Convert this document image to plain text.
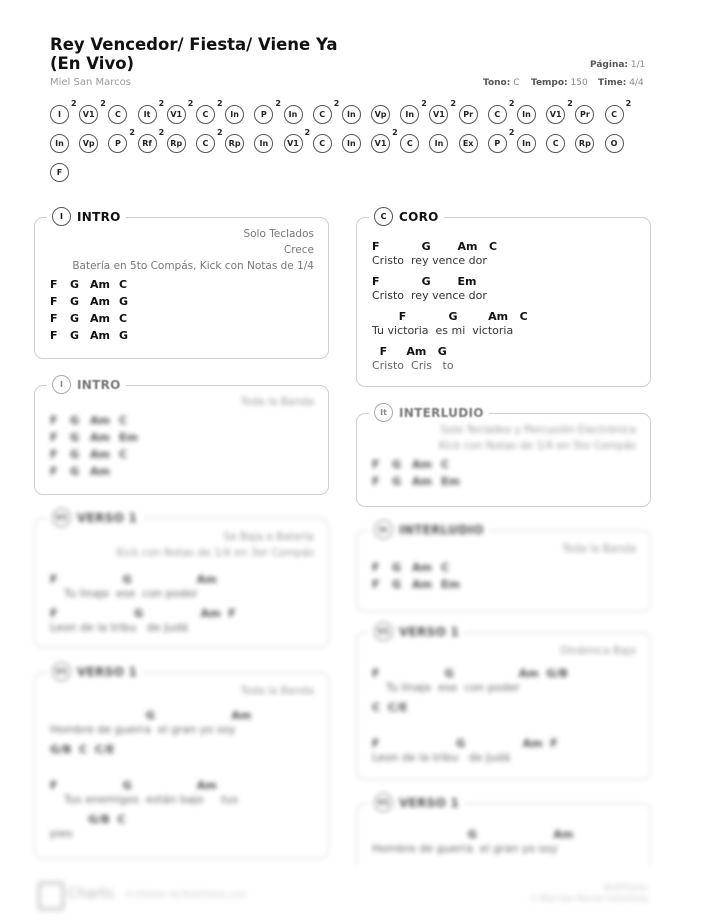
Rey Vencedor/ Fiesta/ Viene Ya (En Vivo)
Miel San Marcos
Página: 1/1
Tono: C Tempo: 150 Time: 4/4
I
2
V1
2
C	It
2
V1
2
C
2
In	P
2
In	C
2
In	Vp	In
2
V1
2
Pr	C
2
In	V1
2
Pr	C
2
In	Vp	P
2
Rf
2
Rp	C
2
Rp	In	V1
2
C	In	V1
2
C	In	Ex	P
2
In	C	Rp	O
F
I	INTRO
Solo Teclados
Crece
Batería en 5to Compás, Kick con Notas de 1/4
F G Am C
F G Am G
F G Am C
F G Am G
C	CORO
F           G       Am   C
Cristo  rey vence dor
F           G       Em
Cristo  rey vence dor
F           G        Am   C
Tu victoria  es mi  victoria
F     Am   G
Cristo  Cris   to
I	INTRO
Toda la Banda
F G Am C
F G Am Em
F G Am C
F G Am
It	INTERLUDIO
Solo Teclados y Percusión Electrónica
Kick con Notas de 1/4 en 5to Compás
F G Am C
F G Am Em
V1 VERSO 1
Se Baja a Batería
Kick con Notas de 1/4 en 3er Compás
F                 G                 Am
Tu linaje  ese  con poder
F                    G               Am  F
Leon de la tribu   de Judá
In INTERLUDIO
Toda la Banda
F G Am C
F G Am Em
V1 VERSO 1
Toda la Banda
G                    Am
Hombre de guerra  el gran yo soy
G/B  C  C/E
F                 G                 Am
Tus enemigos  están bajo     tus
G/B  C
pies
V1 VERSO 1
Dinámica Bajo
F                 G                 Am  G/B
Tu linaje  ese  con poder
C  C/E
F                    G               Am  F
Leon de la tribu   de Judá
V1 VERSO 1
G                    Am
Hombre de guerra  el gran yo soy
Charts A Cifrados de MultiTracks.com
MultiTracks
© Miel San Marcos Publishing
